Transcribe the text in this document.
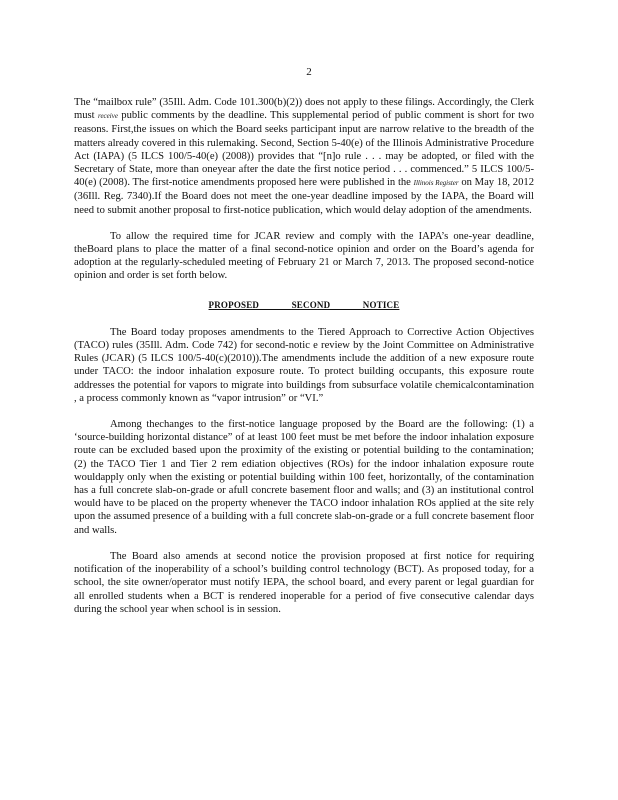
2

The “mailbox rule” (35Ill. Adm. Code 101.300(b)(2)) does not apply to these filings. Accordingly, the Clerk must receive public comments by the deadline. This supplemental period of public comment is short for two reasons. First,the issues on which the Board seeks participant input are narrow relative to the breadth of the matters already covered in this rulemaking. Second, Section 5-40(e) of the Illinois Administrative Procedure Act (IAPA) (5 ILCS 100/5-40(e) (2008)) provides that “[n]o rule . . . may be adopted, or filed with the Secretary of State, more than oneyear after the date the first notice period . . . commenced.” 5 ILCS 100/5-40(e) (2008). The first-notice amendments proposed here were published in the Illinois Register on May 18, 2012 (36Ill. Reg. 7340).If the Board does not meet the one-year deadline imposed by the IAPA, the Board will need to submit another proposal to first-notice publication, which would delay adoption of the amendments.

To allow the required time for JCAR review and comply with the IAPA’s one-year deadline, theBoard plans to place the matter of a final second-notice opinion and order on the Board’s agenda for adoption at the regularly-scheduled meeting of February 21 or March 7, 2013. The proposed second-notice opinion and order is set forth below.

PROPOSED SECOND NOTICE

The Board today proposes amendments to the Tiered Approach to Corrective Action Objectives (TACO) rules (35Ill. Adm. Code 742) for second-notic e review by the Joint Committee on Administrative Rules (JCAR) (5 ILCS 100/5-40(c)(2010)).The amendments include the addition of a new exposure route under TACO: the indoor inhalation exposure route. To protect building occupants, this exposure route addresses the potential for vapors to migrate into buildings from subsurface volatile chemicalcontamination , a process commonly known as “vapor intrusion” or “VI.”

Among thechanges to the first-notice language proposed by the Board are the following: (1) a ‘source-building horizontal distance” of at least 100 feet must be met before the indoor inhalation exposure route can be excluded based upon the proximity of the existing or potential building to the contamination; (2) the TACO Tier 1 and Tier 2 rem ediation objectives (ROs) for the indoor inhalation exposure route wouldapply only when the existing or potential building within 100 feet, horizontally, of the contamination has a full concrete slab-on-grade or afull concrete basement floor and walls; and (3) an institutional control would have to be placed on the property whenever the TACO indoor inhalation ROs applied at the site rely upon the assumed presence of a building with a full concrete slab-on-grade or a full concrete basement floor and walls.

The Board also amends at second notice the provision proposed at first notice for requiring notification of the inoperability of a school’s building control technology (BCT). As proposed today, for a school, the site owner/operator must notify IEPA, the school board, and every parent or legal guardian for all enrolled students when a BCT is rendered inoperable for a period of five consecutive calendar days during the school year when school is in session.
